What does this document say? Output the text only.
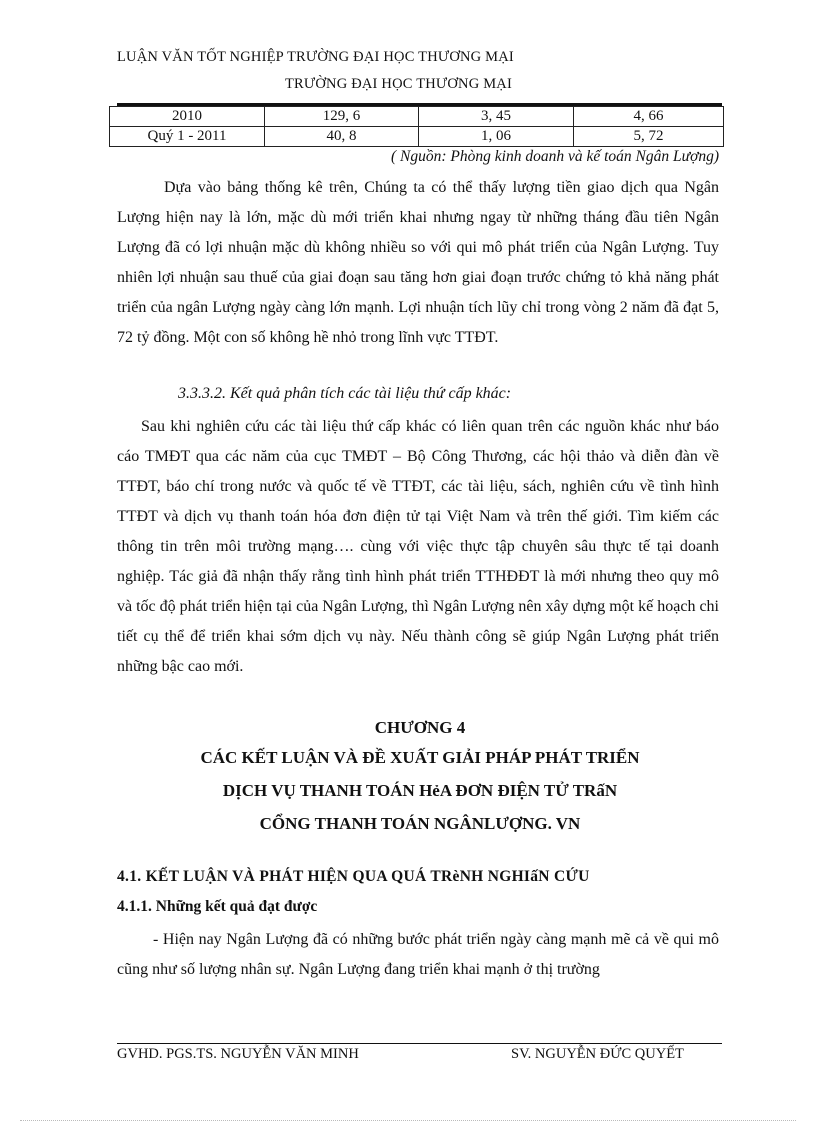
LUẬN VĂN TỐT NGHIỆP TRƯỜNG ĐẠI HỌC THƯƠNG MẠI
TRƯỜNG ĐẠI HỌC THƯƠNG MẠI
2010	129, 6	3, 45	4, 66
Quý 1 - 2011	40, 8	1, 06	5, 72
( Nguồn: Phòng kinh doanh và kế toán Ngân Lượng)

Dựa vào bảng thống kê trên, Chúng ta có thể thấy lượng tiền giao dịch qua Ngân Lượng hiện nay là lớn, mặc dù mới triển khai nhưng ngay từ những tháng đầu tiên Ngân Lượng đã có lợi nhuận mặc dù không nhiều so với qui mô phát triển của Ngân Lượng. Tuy nhiên lợi nhuận sau thuế của giai đoạn sau tăng hơn giai đoạn trước chứng tỏ khả năng phát triển của ngân Lượng ngày càng lớn mạnh. Lợi nhuận tích lũy chỉ trong vòng 2 năm đã đạt 5, 72 tỷ đồng. Một con số không hề nhỏ trong lĩnh vực TTĐT.

3.3.3.2. Kết quả phân tích các tài liệu thứ cấp khác:

Sau khi nghiên cứu các tài liệu thứ cấp khác có liên quan trên các nguồn khác như báo cáo TMĐT qua các năm của cục TMĐT – Bộ Công Thương, các hội thảo và diễn đàn về TTĐT, báo chí trong nước và quốc tế về TTĐT, các tài liệu, sách, nghiên cứu về tình hình TTĐT và dịch vụ thanh toán hóa đơn điện tử tại Việt Nam và trên thế giới. Tìm kiếm các thông tin trên môi trường mạng…. cùng với việc thực tập chuyên sâu thực tế tại doanh nghiệp. Tác giả đã nhận thấy rằng tình hình phát triển TTHĐĐT là mới nhưng theo quy mô và tốc độ phát triển hiện tại của Ngân Lượng, thì Ngân Lượng nên xây dựng một kế hoạch chi tiết cụ thể để triển khai sớm dịch vụ này. Nếu thành công sẽ giúp Ngân Lượng phát triển những bậc cao mới.

CHƯƠNG 4
CÁC KẾT LUẬN VÀ ĐỀ XUẤT GIẢI PHÁP PHÁT TRIỂN
DỊCH VỤ THANH TOÁN HẻA ĐƠN ĐIỆN TỬ TRấN
CỔNG THANH TOÁN NGÂNLƯỢNG. VN
4.1. KẾT LUẬN VÀ PHÁT HIỆN QUA QUÁ TRèNH NGHIấN CỨU
4.1.1. Những kết quả đạt được

- Hiện nay Ngân Lượng đã có những bước phát triển ngày càng mạnh mẽ cả về qui mô cũng như số lượng nhân sự. Ngân Lượng đang triển khai mạnh ở thị trường

GVHD. PGS.TS. NGUYỄN VĂN MINH	SV. NGUYỄN ĐỨC QUYẾT
